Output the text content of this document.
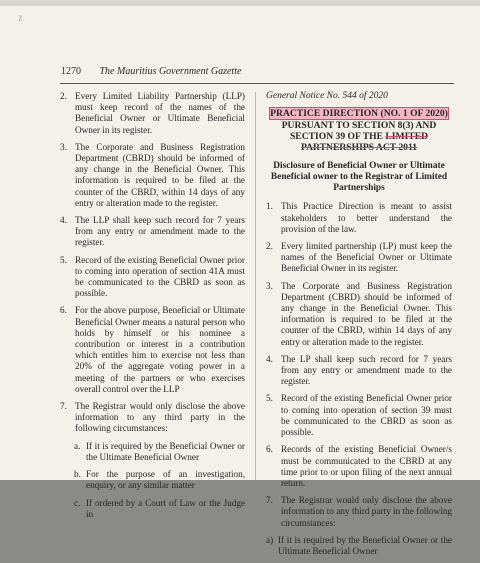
٪
1270 The Mauritius Government Gazette
2. Every Limited Liability Partnership (LLP) must keep record of the names of the Beneficial Owner or Ultimate Beneficial Owner in its register.
3. The Corporate and Business Registration Department (CBRD) should be informed of any change in the Beneficial Owner. This information is required to be filed at the counter of the CBRD, within 14 days of any entry or alteration made to the register.
4. The LLP shall keep such record for 7 years from any entry or amendment made to the register.
5. Record of the existing Beneficial Owner prior to coming into operation of section 41A must be communicated to the CBRD as soon as possible.
6. For the above purpose, Beneficial or Ultimate Beneficial Owner means a natural person who holds by himself or his nominee a contribution or interest in a contribution which entitles him to exercise not less than 20% of the aggregate voting power in a meeting of the partners or who exercises overall control over the LLP
7. The Registrar would only disclose the above information to any third party in the following circumstances:
a. If it is required by the Beneficial Owner or the Ultimate Beneficial Owner
b. For the purpose of an investigation, enquiry, or any similar matter
c. If ordered by a Court of Law or the Judge in
General Notice No. 544 of 2020
PRACTICE DIRECTION (NO. 1 OF 2020)
PURSUANT TO SECTION 8(3) AND
SECTION 39 OF THE LIMITED
PARTNERSHIPS ACT 2011
Disclosure of Beneficial Owner or Ultimate Beneficial owner to the Registrar of Limited Partnerships
1. This Practice Direction is meant to assist stakeholders to better understand the provision of the law.
2. Every limited partnership (LP) must keep the names of the Beneficial Owner or Ultimate Beneficial Owner in its register.
3. The Corporate and Business Registration Department (CBRD) should be informed of any change in the Beneficial Owner. This information is required to be filed at the counter of the CBRD, within 14 days of any entry or alteration made to the register.
4. The LP shall keep such record for 7 years from any entry or amendment made to the register.
5. Record of the existing Beneficial Owner prior to coming into operation of section 39 must be communicated to the CBRD as soon as possible.
6. Records of the existing Beneficial Owner/s must be communicated to the CBRD at any time prior to or upon filing of the next annual return.
7. The Registrar would only disclose the above information to any third party in the following circumstances:
a) If it is required by the Beneficial Owner or the Ultimate Beneficial Owner
